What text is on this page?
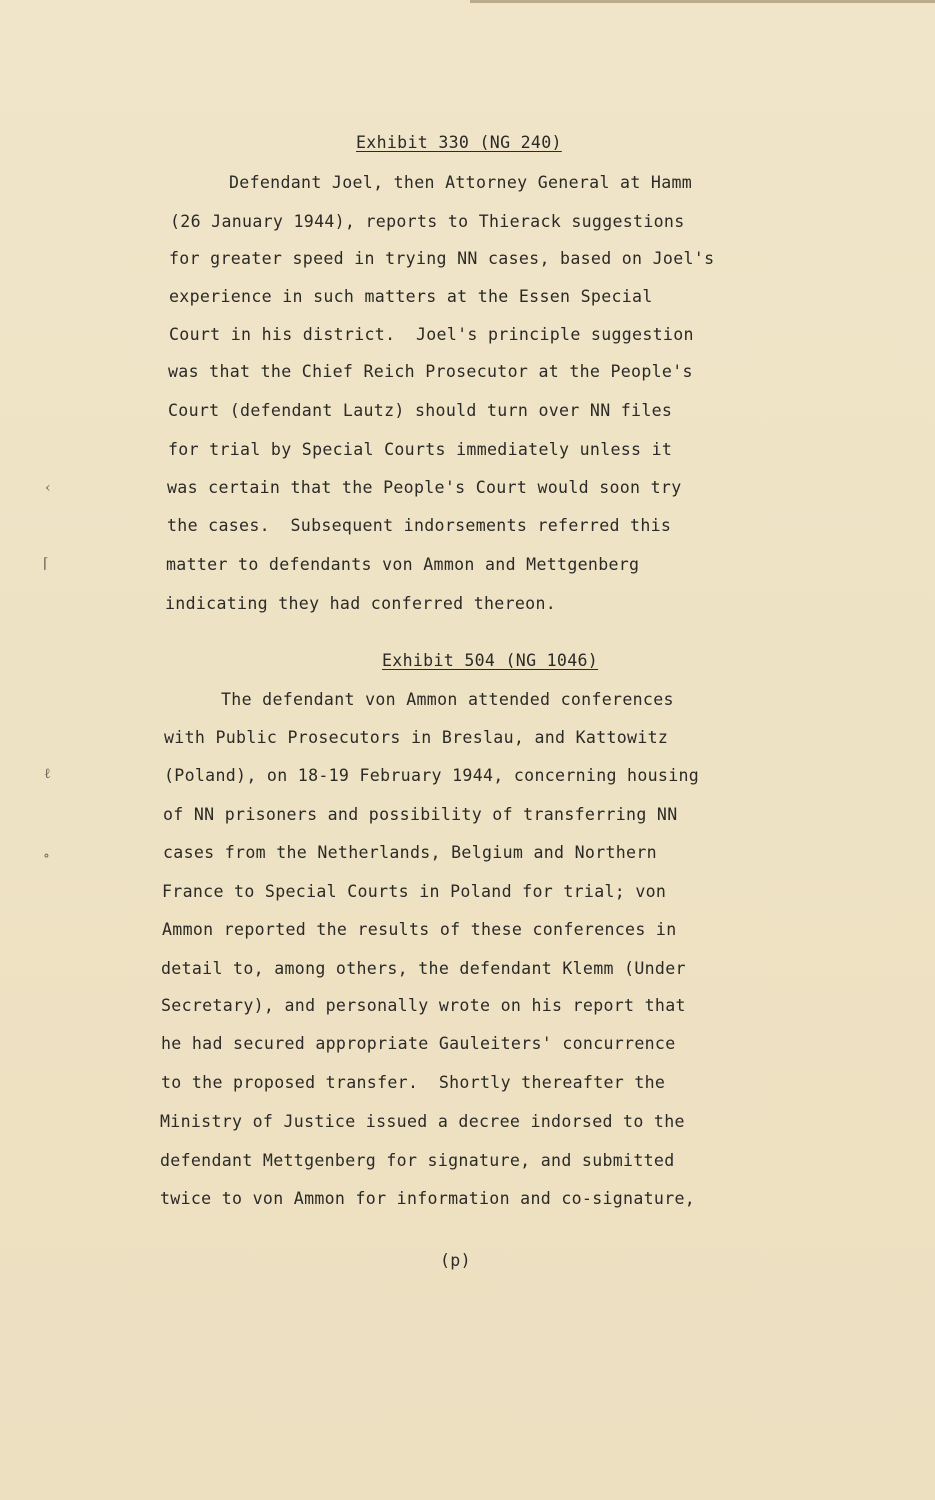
Exhibit 330 (NG 240)
Defendant Joel, then Attorney General at Hamm
(26 January 1944), reports to Thierack suggestions
for greater speed in trying NN cases, based on Joel's
experience in such matters at the Essen Special
Court in his district.  Joel's principle suggestion
was that the Chief Reich Prosecutor at the People's
Court (defendant Lautz) should turn over NN files
for trial by Special Courts immediately unless it
was certain that the People's Court would soon try
the cases.  Subsequent indorsements referred this
matter to defendants von Ammon and Mettgenberg
indicating they had conferred thereon.
Exhibit 504 (NG 1046)
The defendant von Ammon attended conferences
with Public Prosecutors in Breslau, and Kattowitz
(Poland), on 18-19 February 1944, concerning housing
of NN prisoners and possibility of transferring NN
cases from the Netherlands, Belgium and Northern
France to Special Courts in Poland for trial; von
Ammon reported the results of these conferences in
detail to, among others, the defendant Klemm (Under
Secretary), and personally wrote on his report that
he had secured appropriate Gauleiters' concurrence
to the proposed transfer.  Shortly thereafter the
Ministry of Justice issued a decree indorsed to the
defendant Mettgenberg for signature, and submitted
twice to von Ammon for information and co-signature,
(p)
‹
⌈
ℓ
∘
